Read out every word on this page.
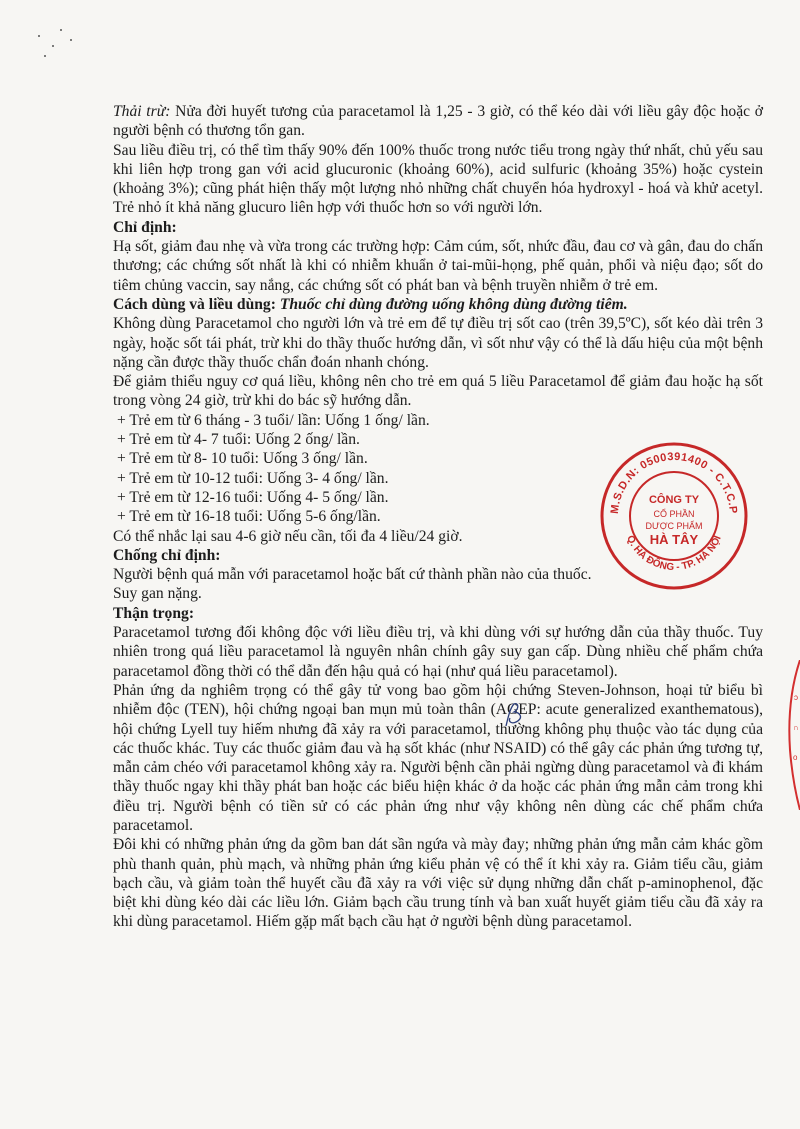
Thải trừ: Nửa đời huyết tương của paracetamol là 1,25 - 3 giờ, có thể kéo dài với liều gây độc hoặc ở người bệnh có thương tổn gan.

Sau liều điều trị, có thể tìm thấy 90% đến 100% thuốc trong nước tiểu trong ngày thứ nhất, chủ yếu sau khi liên hợp trong gan với acid glucuronic (khoảng 60%), acid sulfuric (khoảng 35%) hoặc cystein (khoảng 3%); cũng phát hiện thấy một lượng nhỏ những chất chuyển hóa hydroxyl - hoá và khử acetyl. Trẻ nhỏ ít khả năng glucuro liên hợp với thuốc hơn so với người lớn.

Chỉ định:

Hạ sốt, giảm đau nhẹ và vừa trong các trường hợp: Cảm cúm, sốt, nhức đầu, đau cơ và gân, đau do chấn thương; các chứng sốt nhất là khi có nhiễm khuẩn ở tai-mũi-họng, phế quản, phổi và niệu đạo; sốt do tiêm chủng vaccin, say nắng, các chứng sốt có phát ban và bệnh truyền nhiễm ở trẻ em.

Cách dùng và liều dùng: Thuốc chỉ dùng đường uống không dùng đường tiêm.

Không dùng Paracetamol cho người lớn và trẻ em để tự điều trị sốt cao (trên 39,5ºC), sốt kéo dài trên 3 ngày, hoặc sốt tái phát, trừ khi do thầy thuốc hướng dẫn, vì sốt như vậy có thể là dấu hiệu của một bệnh nặng cần được thầy thuốc chẩn đoán nhanh chóng.

Để giảm thiểu nguy cơ quá liều, không nên cho trẻ em quá 5 liều Paracetamol để giảm đau hoặc hạ sốt trong vòng 24 giờ, trừ khi do bác sỹ hướng dẫn.

+ Trẻ em từ 6 tháng - 3 tuổi/ lần: Uống 1 ống/ lần.
+ Trẻ em từ 4- 7 tuổi: Uống 2 ống/ lần.
+ Trẻ em từ 8- 10 tuổi: Uống 3 ống/ lần.
+ Trẻ em từ 10-12 tuổi: Uống 3- 4 ống/ lần.
+ Trẻ em từ 12-16 tuổi: Uống 4- 5 ống/ lần.
+ Trẻ em từ 16-18 tuổi: Uống 5-6 ống/lần.

Có thể nhắc lại sau 4-6 giờ nếu cần, tối đa 4 liều/24 giờ.

Chống chỉ định:

Người bệnh quá mẫn với paracetamol hoặc bất cứ thành phần nào của thuốc.

Suy gan nặng.

Thận trọng:

Paracetamol tương đối không độc với liều điều trị, và khi dùng với sự hướng dẫn của thầy thuốc. Tuy nhiên trong quá liều paracetamol là nguyên nhân chính gây suy gan cấp. Dùng nhiều chế phẩm chứa paracetamol đồng thời có thể dẫn đến hậu quả có hại (như quá liều paracetamol).

Phản ứng da nghiêm trọng có thể gây tử vong bao gồm hội chứng Steven-Johnson, hoại tử biểu bì nhiễm độc (TEN), hội chứng ngoại ban mụn mủ toàn thân (AGEP: acute generalized exanthematous), hội chứng Lyell tuy hiếm nhưng đã xảy ra với paracetamol, thường không phụ thuộc vào tác dụng của các thuốc khác. Tuy các thuốc giảm đau và hạ sốt khác (như NSAID) có thể gây các phản ứng tương tự, mẫn cảm chéo với paracetamol không xảy ra. Người bệnh cần phải ngừng dùng paracetamol và đi khám thầy thuốc ngay khi thầy phát ban hoặc các biểu hiện khác ở da hoặc các phản ứng mẫn cảm trong khi điều trị. Người bệnh có tiền sử có các phản ứng như vậy không nên dùng các chế phẩm chứa paracetamol.

Đôi khi có những phản ứng da gồm ban dát sần ngứa và mày đay; những phản ứng mẫn cảm khác gồm phù thanh quản, phù mạch, và những phản ứng kiểu phản vệ có thể ít khi xảy ra. Giảm tiểu cầu, giảm bạch cầu, và giảm toàn thể huyết cầu đã xảy ra với việc sử dụng những dẫn chất p-aminophenol, đặc biệt khi dùng kéo dài các liều lớn. Giảm bạch cầu trung tính và ban xuất huyết giảm tiểu cầu đã xảy ra khi dùng paracetamol. Hiếm gặp mất bạch cầu hạt ở người bệnh dùng paracetamol.

M.S.D.N: 0500391400 - C.T.C.P
Q. HÀ ĐÔNG - TP. HÀ NỘI
CÔNG TY
CỔ PHẦN
DƯỢC PHẨM
HÀ TÂY
ɔ
∩
o
